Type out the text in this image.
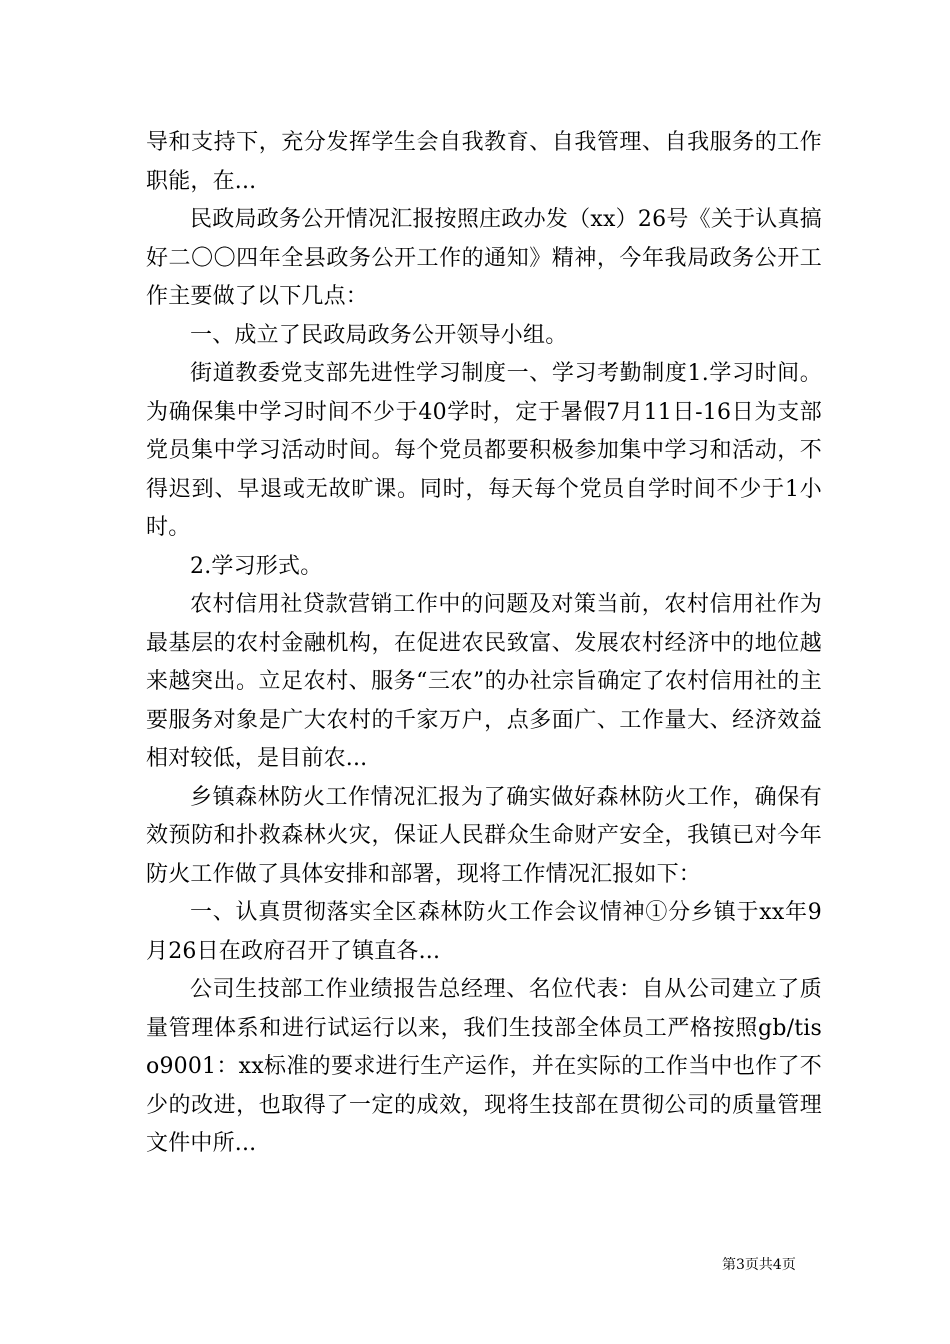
导和支持下，充分发挥学生会自我教育、自我管理、自我服务的工作职能，在...

民政局政务公开情况汇报按照庄政办发（xx）26号《关于认真搞好二〇〇四年全县政务公开工作的通知》精神，今年我局政务公开工作主要做了以下几点：

一、成立了民政局政务公开领导小组。

街道教委党支部先进性学习制度一、学习考勤制度1.学习时间。为确保集中学习时间不少于40学时，定于暑假7月11日-16日为支部党员集中学习活动时间。每个党员都要积极参加集中学习和活动，不得迟到、早退或无故旷课。同时，每天每个党员自学时间不少于1小时。

2.学习形式。

农村信用社贷款营销工作中的问题及对策当前，农村信用社作为最基层的农村金融机构，在促进农民致富、发展农村经济中的地位越来越突出。立足农村、服务“三农”的办社宗旨确定了农村信用社的主要服务对象是广大农村的千家万户，点多面广、工作量大、经济效益相对较低，是目前农...

乡镇森林防火工作情况汇报为了确实做好森林防火工作，确保有效预防和扑救森林火灾，保证人民群众生命财产安全，我镇已对今年防火工作做了具体安排和部署，现将工作情况汇报如下：

一、认真贯彻落实全区森林防火工作会议情神①分乡镇于xx年9月26日在政府召开了镇直各...

公司生技部工作业绩报告总经理、名位代表：自从公司建立了质量管理体系和进行试运行以来，我们生技部全体员工严格按照gb/tiso9001：xx标准的要求进行生产运作，并在实际的工作当中也作了不少的改进，也取得了一定的成效，现将生技部在贯彻公司的质量管理文件中所...

第3页共4页
